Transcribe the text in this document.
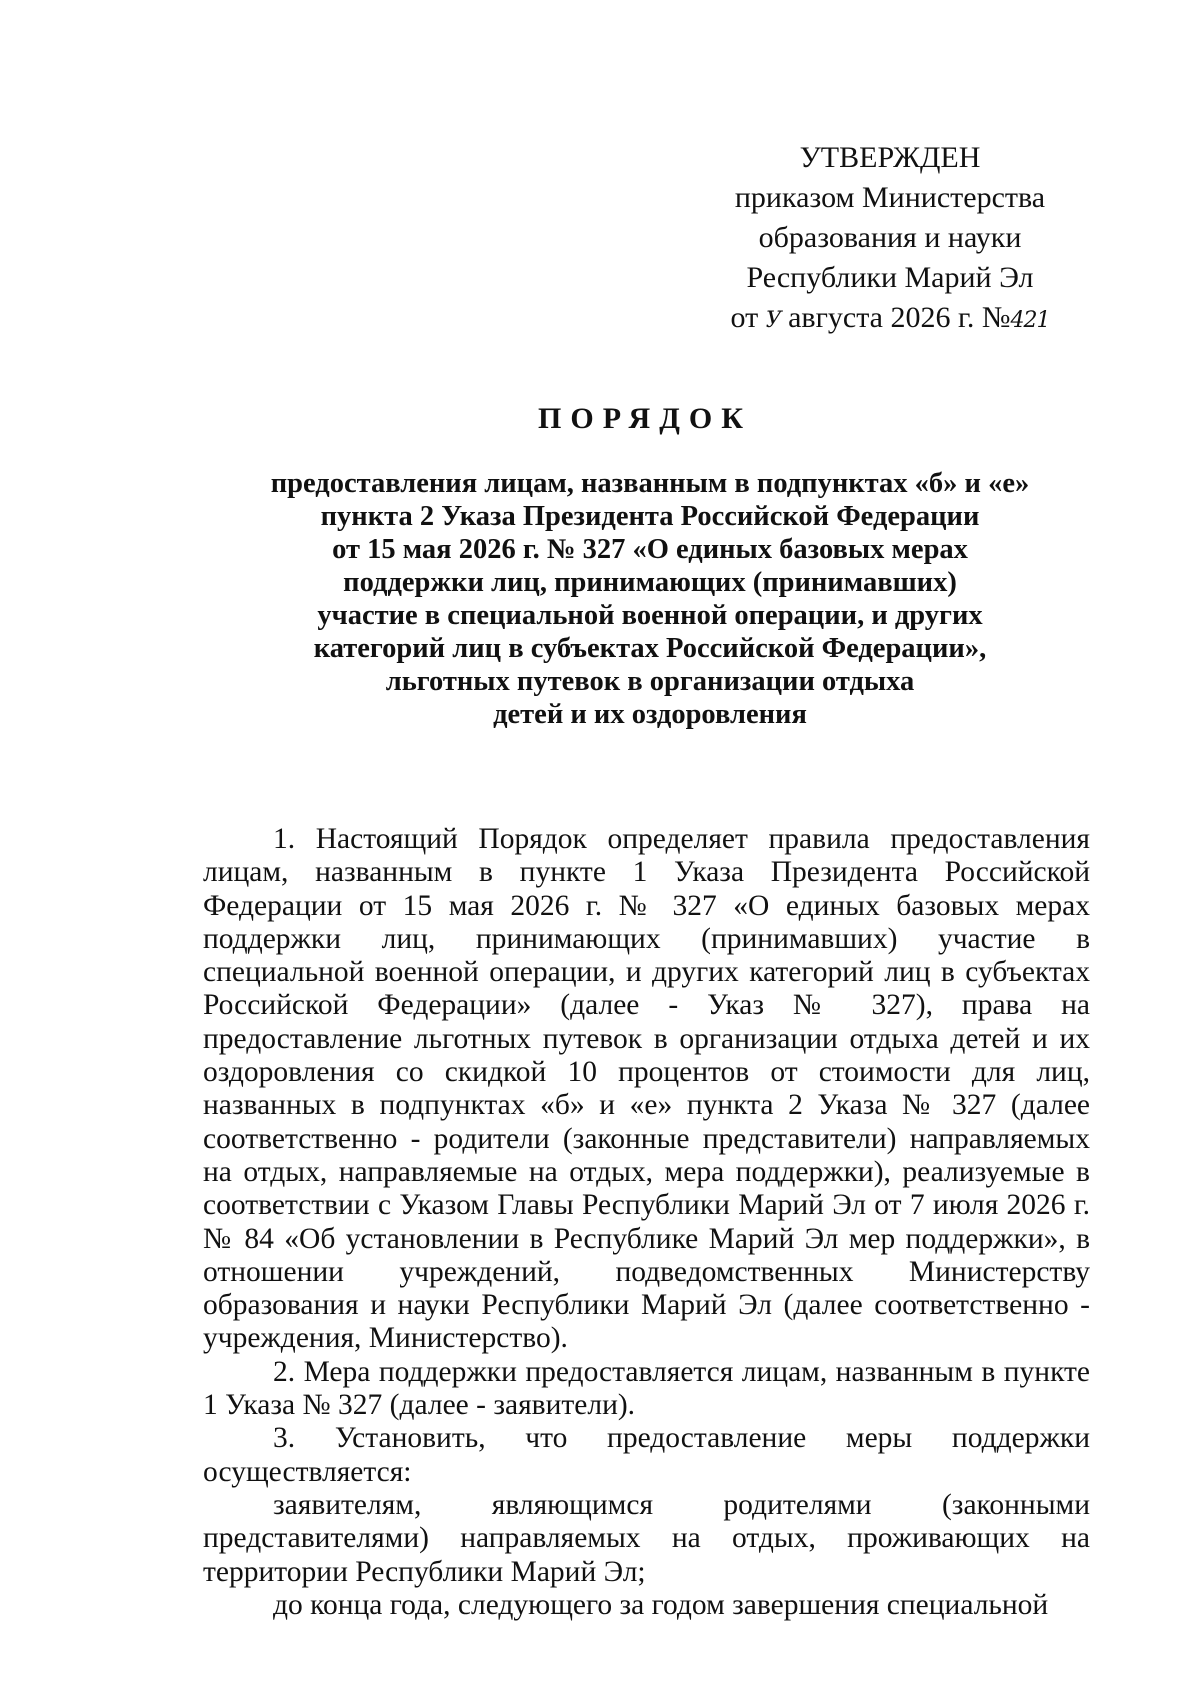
УТВЕРЖДЕН
приказом Министерства
образования и науки
Республики Марий Эл
от У августа 2026 г. №421
ПОРЯДОК
предоставления лицам, названным в подпунктах «б» и «е»
пункта 2 Указа Президента Российской Федерации
от 15 мая 2026 г. № 327 «О единых базовых мерах
поддержки лиц, принимающих (принимавших)
участие в специальной военной операции, и других
категорий лиц в субъектах Российской Федерации»,
льготных путевок в организации отдыха
детей и их оздоровления

1. Настоящий Порядок определяет правила предоставления лицам, названным в пункте 1 Указа Президента Российской Федерации от 15 мая 2026 г. № 327 «О единых базовых мерах поддержки лиц, принимающих (принимавших) участие в специальной военной операции, и других категорий лиц в субъектах Российской Федерации» (далее - Указ № 327), права на предоставление льготных путевок в организации отдыха детей и их оздоровления со скидкой 10 процентов от стоимости для лиц, названных в подпунктах «б» и «е» пункта 2 Указа № 327 (далее соответственно - родители (законные представители) направляемых на отдых, направляемые на отдых, мера поддержки), реализуемые в соответствии с Указом Главы Республики Марий Эл от 7 июля 2026 г. № 84 «Об установлении в Республике Марий Эл мер поддержки», в отношении учреждений, подведомственных Министерству образования и науки Республики Марий Эл (далее соответственно - учреждения, Министерство).

2. Мера поддержки предоставляется лицам, названным в пункте 1 Указа № 327 (далее - заявители).

3. Установить, что предоставление меры поддержки осуществляется:

заявителям, являющимся родителями (законными представителями) направляемых на отдых, проживающих на территории Республики Марий Эл;

до конца года, следующего за годом завершения специальной
